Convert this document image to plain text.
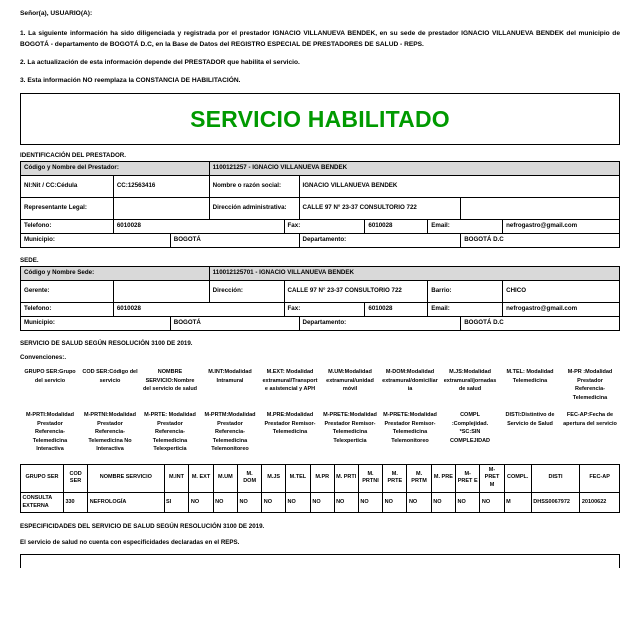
Señor(a), USUARIO(A):

1. La siguiente información ha sido diligenciada y registrada por el prestador IGNACIO VILLANUEVA BENDEK, en su sede de prestador IGNACIO VILLANUEVA BENDEK del municipio de BOGOTÁ - departamento de BOGOTÁ D.C, en la Base de Datos del REGISTRO ESPECIAL DE PRESTADORES DE SALUD - REPS.

2. La actualización de esta información depende del PRESTADOR que habilita el servicio.

3. Esta información NO reemplaza la CONSTANCIA DE HABILITACIÓN.

SERVICIO HABILITADO
IDENTIFICACIÓN DEL PRESTADOR.
Código y Nombre del Prestador:			1100121257 - IGNACIO VILLANUEVA BENDEK						
NI:Nit / CC:Cédula	CC:12563416		Nombre o razón social:		IGNACIO VILLANUEVA BENDEK				
Representante Legal:			Dirección administrativa:		CALLE 97 N° 23-37 CONSULTORIO 722				
Telefono:	6010028			Fax:		6010028	Email:		nefrogastro@gmail.com
Municipio:		BOGOTÁ			Departamento:			BOGOTÁ D.C	
SEDE.
Código y Nombre Sede:			110012125701 - IGNACIO VILLANUEVA BENDEK						
Gerente:			Dirección:	CALLE 97 N° 23-37 CONSULTORIO 722			Barrio:		CHICO
Telefono:	6010028			Fax:		6010028	Email:		nefrogastro@gmail.com
Municipio:		BOGOTÁ			Departamento:			BOGOTÁ D.C	
SERVICIO DE SALUD SEGÚN RESOLUCIÓN 3100 DE 2019.
Convenciones:.
GRUPO SER:Grupo del servicio	COD SER:Código del servicio	NOMBRE SERVICIO:Nombre del servicio de salud	M.INT:Modalidad Intramural	M.EXT: Modalidad extramural/Transporte asistencial y APH	M.UM:Modalidad extramural/unidad móvil	M-DOM:Modalidad extramural/domiciliaria	M.JS:Modalidad extramural/jornadas de salud	M.TEL: Modalidad Telemedicina	M-PR :Modalidad Prestador Referencia-Telemedicina
M-PRTI:Modalidad Prestador Referencia-Telemedicina Interactiva	M-PRTNI:Modalidad Prestador Referencia-Telemedicina No Interactiva	M-PRTE: Modalidad Prestador Referencia-Telemedicina Telexperticia	M-PRTM:Modalidad Prestador Referencia-Telemedicina Telemonitoreo	M.PRE:Modalidad Prestador Remisor-Telemedicina	M-PRETE:Modalidad Prestador Remisor-Telemedicina Telexperticia	M-PRETE:Modalidad Prestador Remisor-Telemedicina Telemonitoreo	COMPL :Complejidad. *SC:SIN COMPLEJIDAD	DISTI:Distintivo de Servicio de Salud	FEC-AP:Fecha de apertura del servicio
GRUPO SER	COD SER	NOMBRE SERVICIO	M.INT	M. EXT	M.UM	M. DOM	M.JS	M.TEL	M.PR	M. PRTI	M. PRTNI	M. PRTE	M. PRTM	M. PRE	M-PRET E	M-PRET M	COMPL.	DISTI	FEC-AP
CONSULTA EXTERNA	330	NEFROLOGÍA	SI	NO	NO	NO	NO	NO	NO	NO	NO	NO	NO	NO	NO	NO	M	DHSS0067972	20100622
ESPECIFICIDADES DEL SERVICIO DE SALUD SEGÚN RESOLUCIÓN 3100 DE 2019.
El servicio de salud no cuenta con especificidades declaradas en el REPS.
